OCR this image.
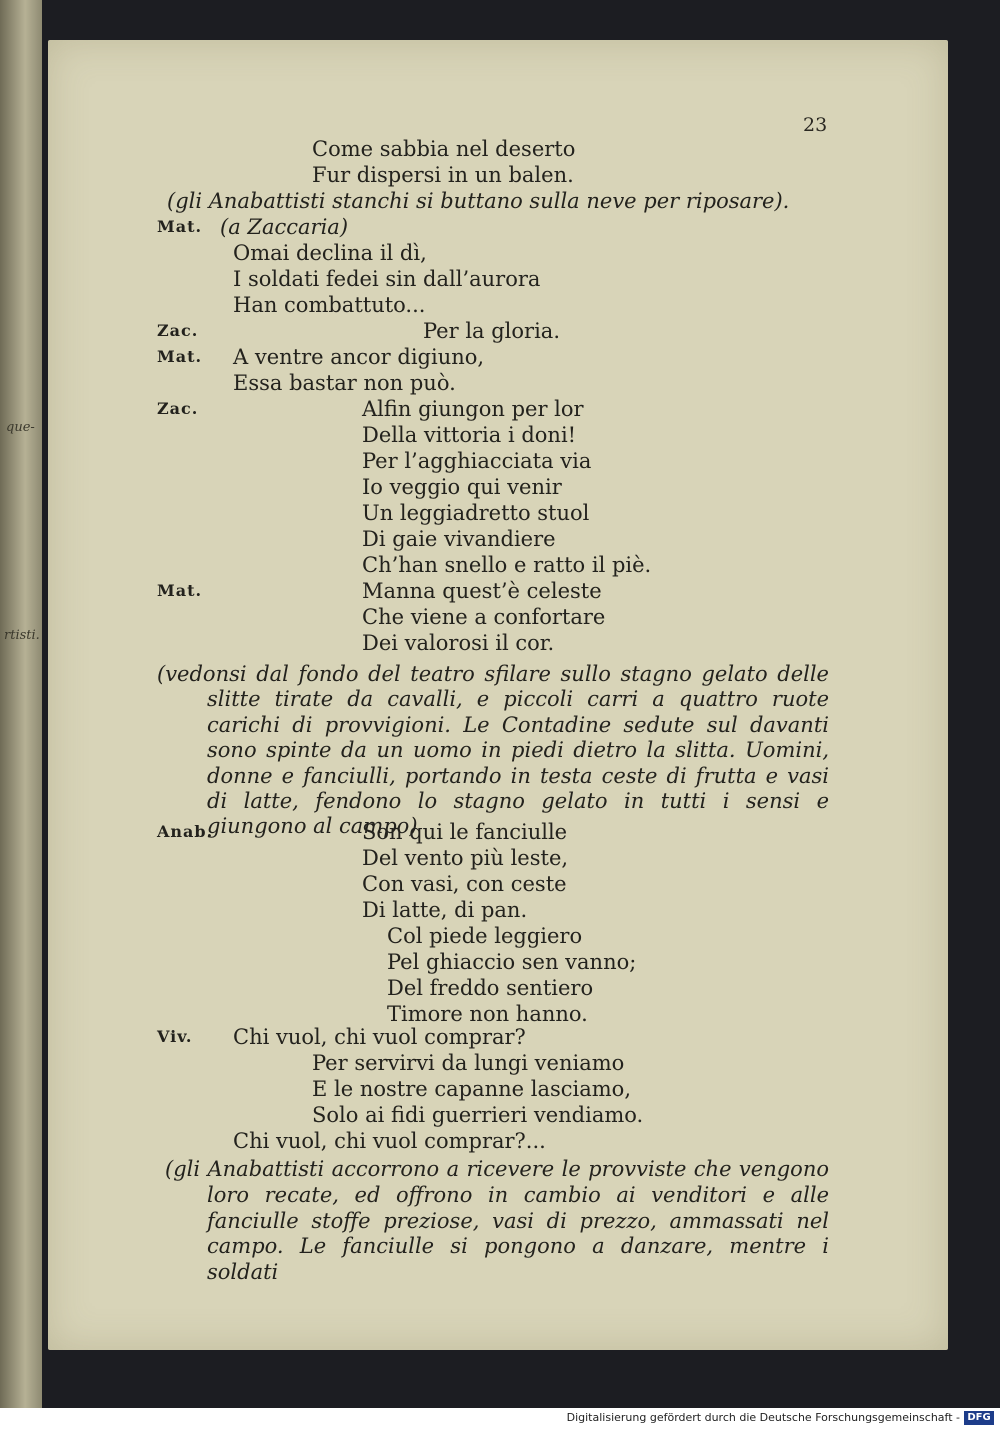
que-
rtisti.
23
Come sabbia nel deserto
Fur dispersi in un balen.
(gli Anabattisti stanchi si buttano sulla neve per riposare).
Mat. (a Zaccaria)
Omai declina il dì,
I soldati fedei sin dall’aurora
Han combattuto...
Zac.	Per la gloria.
Mat. A ventre ancor digiuno,
Essa bastar non può.
Zac.	Alfin giungon per lor
Della vittoria i doni!
Per l’agghiacciata via
Io veggio qui venir
Un leggiadretto stuol
Di gaie vivandiere
Ch’han snello e ratto il piè.
Mat.	Manna quest’è celeste
Che viene a confortare
Dei valorosi il cor.
(vedonsi dal fondo del teatro sfilare sullo stagno gelato delle slitte tirate da cavalli, e piccoli carri a quattro ruote carichi di provvigioni. Le Contadine sedute sul davanti sono spinte da un uomo in piedi dietro la slitta. Uomini, donne e fanciulli, portando in testa ceste di frutta e vasi di latte, fendono lo stagno gelato in tutti i sensi e giungono al campo)
Anab.	Son qui le fanciulle
Del vento più leste,
Con vasi, con ceste
Di latte, di pan.
Col piede leggiero
Pel ghiaccio sen vanno;
Del freddo sentiero
Timore non hanno.
Viv. Chi vuol, chi vuol comprar?
Per servirvi da lungi veniamo
E le nostre capanne lasciamo,
Solo ai fidi guerrieri vendiamo.
Chi vuol, chi vuol comprar?...
(gli Anabattisti accorrono a ricevere le provviste che vengono loro recate, ed offrono in cambio ai venditori e alle fanciulle stoffe preziose, vasi di prezzo, ammassati nel campo. Le fanciulle si pongono a danzare, mentre i soldati
Digitalisierung gefördert durch die Deutsche Forschungsgemeinschaft - DFG
